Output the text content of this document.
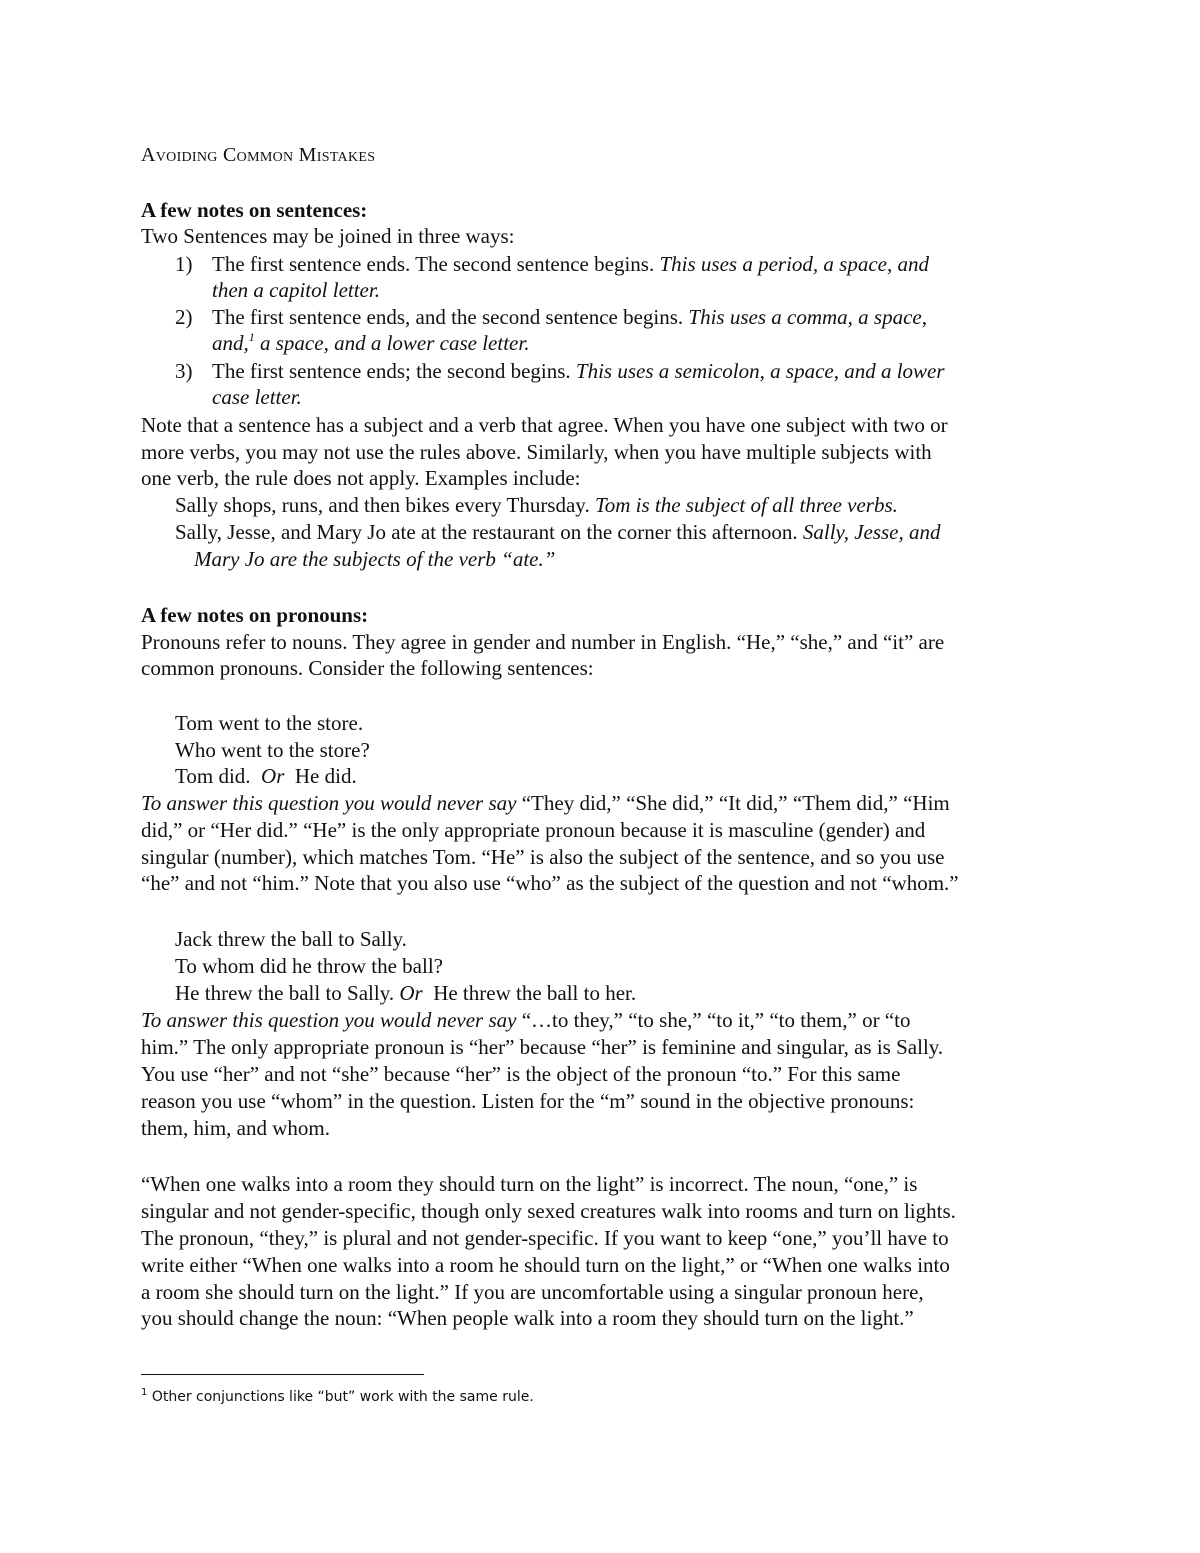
Avoiding Common Mistakes
A few notes on sentences:
Two Sentences may be joined in three ways:
1) The first sentence ends. The second sentence begins. This uses a period, a space, and
then a capitol letter.
2) The first sentence ends, and the second sentence begins. This uses a comma, a space,
and,$^1$ a space, and a lower case letter.
3) The first sentence ends; the second begins. This uses a semicolon, a space, and a lower
case letter.
Note that a sentence has a subject and a verb that agree. When you have one subject with two or
more verbs, you may not use the rules above. Similarly, when you have multiple subjects with
one verb, the rule does not apply. Examples include:
Sally shops, runs, and then bikes every Thursday. Tom is the subject of all three verbs.
Sally, Jesse, and Mary Jo ate at the restaurant on the corner this afternoon. Sally, Jesse, and
Mary Jo are the subjects of the verb “ate.”
A few notes on pronouns:
Pronouns refer to nouns. They agree in gender and number in English. “He,” “she,” and “it” are
common pronouns. Consider the following sentences:
Tom went to the store.
Who went to the store?
Tom did.  Or  He did.
To answer this question you would never say “They did,” “She did,” “It did,” “Them did,” “Him
did,” or “Her did.” “He” is the only appropriate pronoun because it is masculine (gender) and
singular (number), which matches Tom. “He” is also the subject of the sentence, and so you use
“he” and not “him.” Note that you also use “who” as the subject of the question and not “whom.”
Jack threw the ball to Sally.
To whom did he throw the ball?
He threw the ball to Sally. Or  He threw the ball to her.
To answer this question you would never say “…to they,” “to she,” “to it,” “to them,” or “to
him.” The only appropriate pronoun is “her” because “her” is feminine and singular, as is Sally.
You use “her” and not “she” because “her” is the object of the pronoun “to.” For this same
reason you use “whom” in the question. Listen for the “m” sound in the objective pronouns:
them, him, and whom.
“When one walks into a room they should turn on the light” is incorrect. The noun, “one,” is
singular and not gender-specific, though only sexed creatures walk into rooms and turn on lights.
The pronoun, “they,” is plural and not gender-specific. If you want to keep “one,” you’ll have to
write either “When one walks into a room he should turn on the light,” or “When one walks into
a room she should turn on the light.” If you are uncomfortable using a singular pronoun here,
you should change the noun: “When people walk into a room they should turn on the light.”
$^1$ Other conjunctions like “but” work with the same rule.
